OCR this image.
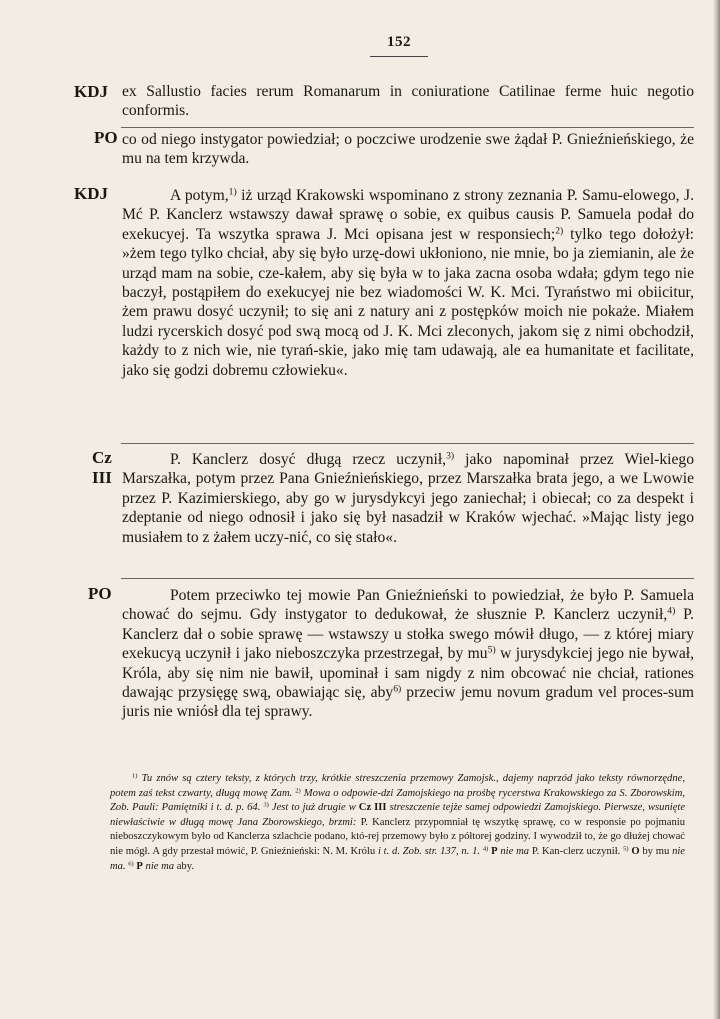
152
KDJ ex Sallustio facies rerum Romanarum in coniuratione Catilinae ferme huic negotio conformis.
PO co od niego instygator powiedział; o poczciwe urodzenie swe żądał P. Gnieźnieńskiego, że mu na tem krzywda.
KDJ	A potym,$^{1)}$ iż urząd Krakowski wspominano z strony zeznania P. Samu-elowego, J. Mć P. Kanclerz wstawszy dawał sprawę o sobie, ex quibus causis P. Samuela podał do exekucyej. Ta wszytka sprawa J. Mci opisana jest w responsiech;$^{2)}$ tylko tego dołożył: »żem tego tylko chciał, aby się było urzę-dowi ukłoniono, nie mnie, bo ja ziemianin, ale że urząd mam na sobie, cze-kałem, aby się była w to jaka zacna osoba wdała; gdym tego nie baczył, postąpiłem do exekucyej nie bez wiadomości W. K. Mci. Tyraństwo mi obiicitur, żem prawu dosyć uczynił; to się ani z natury ani z postępków moich nie pokaże. Miałem ludzi rycerskich dosyć pod swą mocą od J. K. Mci zleconych, jakom się z nimi obchodził, każdy to z nich wie, nie tyrań-skie, jako mię tam udawają, ale ea humanitate et facilitate, jako się godzi dobremu człowieku«.
Cz
III
P. Kanclerz dosyć długą rzecz uczynił,$^{3)}$ jako napominał przez Wiel-kiego Marszałka, potym przez Pana Gnieźnieńskiego, przez Marszałka brata jego, a we Lwowie przez P. Kazimierskiego, aby go w jurysdykcyi jego zaniechał; i obiecał; co za despekt i zdeptanie od niego odnosił i jako się był nasadził w Kraków wjechać. »Mając listy jego musiałem to z żałem uczy-nić, co się stało«.
PO	Potem przeciwko tej mowie Pan Gnieźnieński to powiedział, że było P. Samuela chować do sejmu. Gdy instygator to dedukował, że słusznie P. Kanclerz uczynił,$^{4)}$ P. Kanclerz dał o sobie sprawę — wstawszy u stołka swego mówił długo, — z której miary exekucyą uczynił i jako nieboszczyka przestrzegał, by $mu^{5)}$ w jurysdykciej jego nie bywał, Króla, aby się nim nie bawił, upominał i sam nigdy z nim obcować nie chciał, rationes dawając przysięgę swą, obawiając się, aby$^{6)}$ przeciw jemu novum gradum vel proces-sum juris nie wniósł dla tej sprawy.
$^{1)}$ Tu znów są cztery teksty, z których trzy, krótkie streszczenia przemowy Zamojsk., dajemy naprzód jako teksty równorzędne, potem zaś tekst czwarty, długą mowę Zam. $^{2)}$ Mowa o odpowie-dzi Zamojskiego na prośbę rycerstwa Krakowskiego za S. Zborowskim, Zob. Pauli: Pamiętniki i t. d. p. 64. $^{3)}$ Jest to już drugie w Cz III streszczenie tejże samej odpowiedzi Zamojskiego. Pierwsze, wsunięte niewłaściwie w długą mowę Jana Zborowskiego, brzmi: P. Kanclerz przypomniał tę wszytkę sprawę, co w responsie po pojmaniu nieboszczykowym było od Kanclerza szlachcie podano, któ-rej przemowy było z półtorej godziny. I wywodził to, że go dłużej chować nie mógł. A gdy przestał mówić, P. Gnieźnieński: N. M. Królu i t. d. Zob. str. 137, n. 1. $^{4)}$ P nie ma P. Kan-clerz uczynił. $^{5)}$ O by mu nie ma. $^{6)}$ P nie ma aby.
